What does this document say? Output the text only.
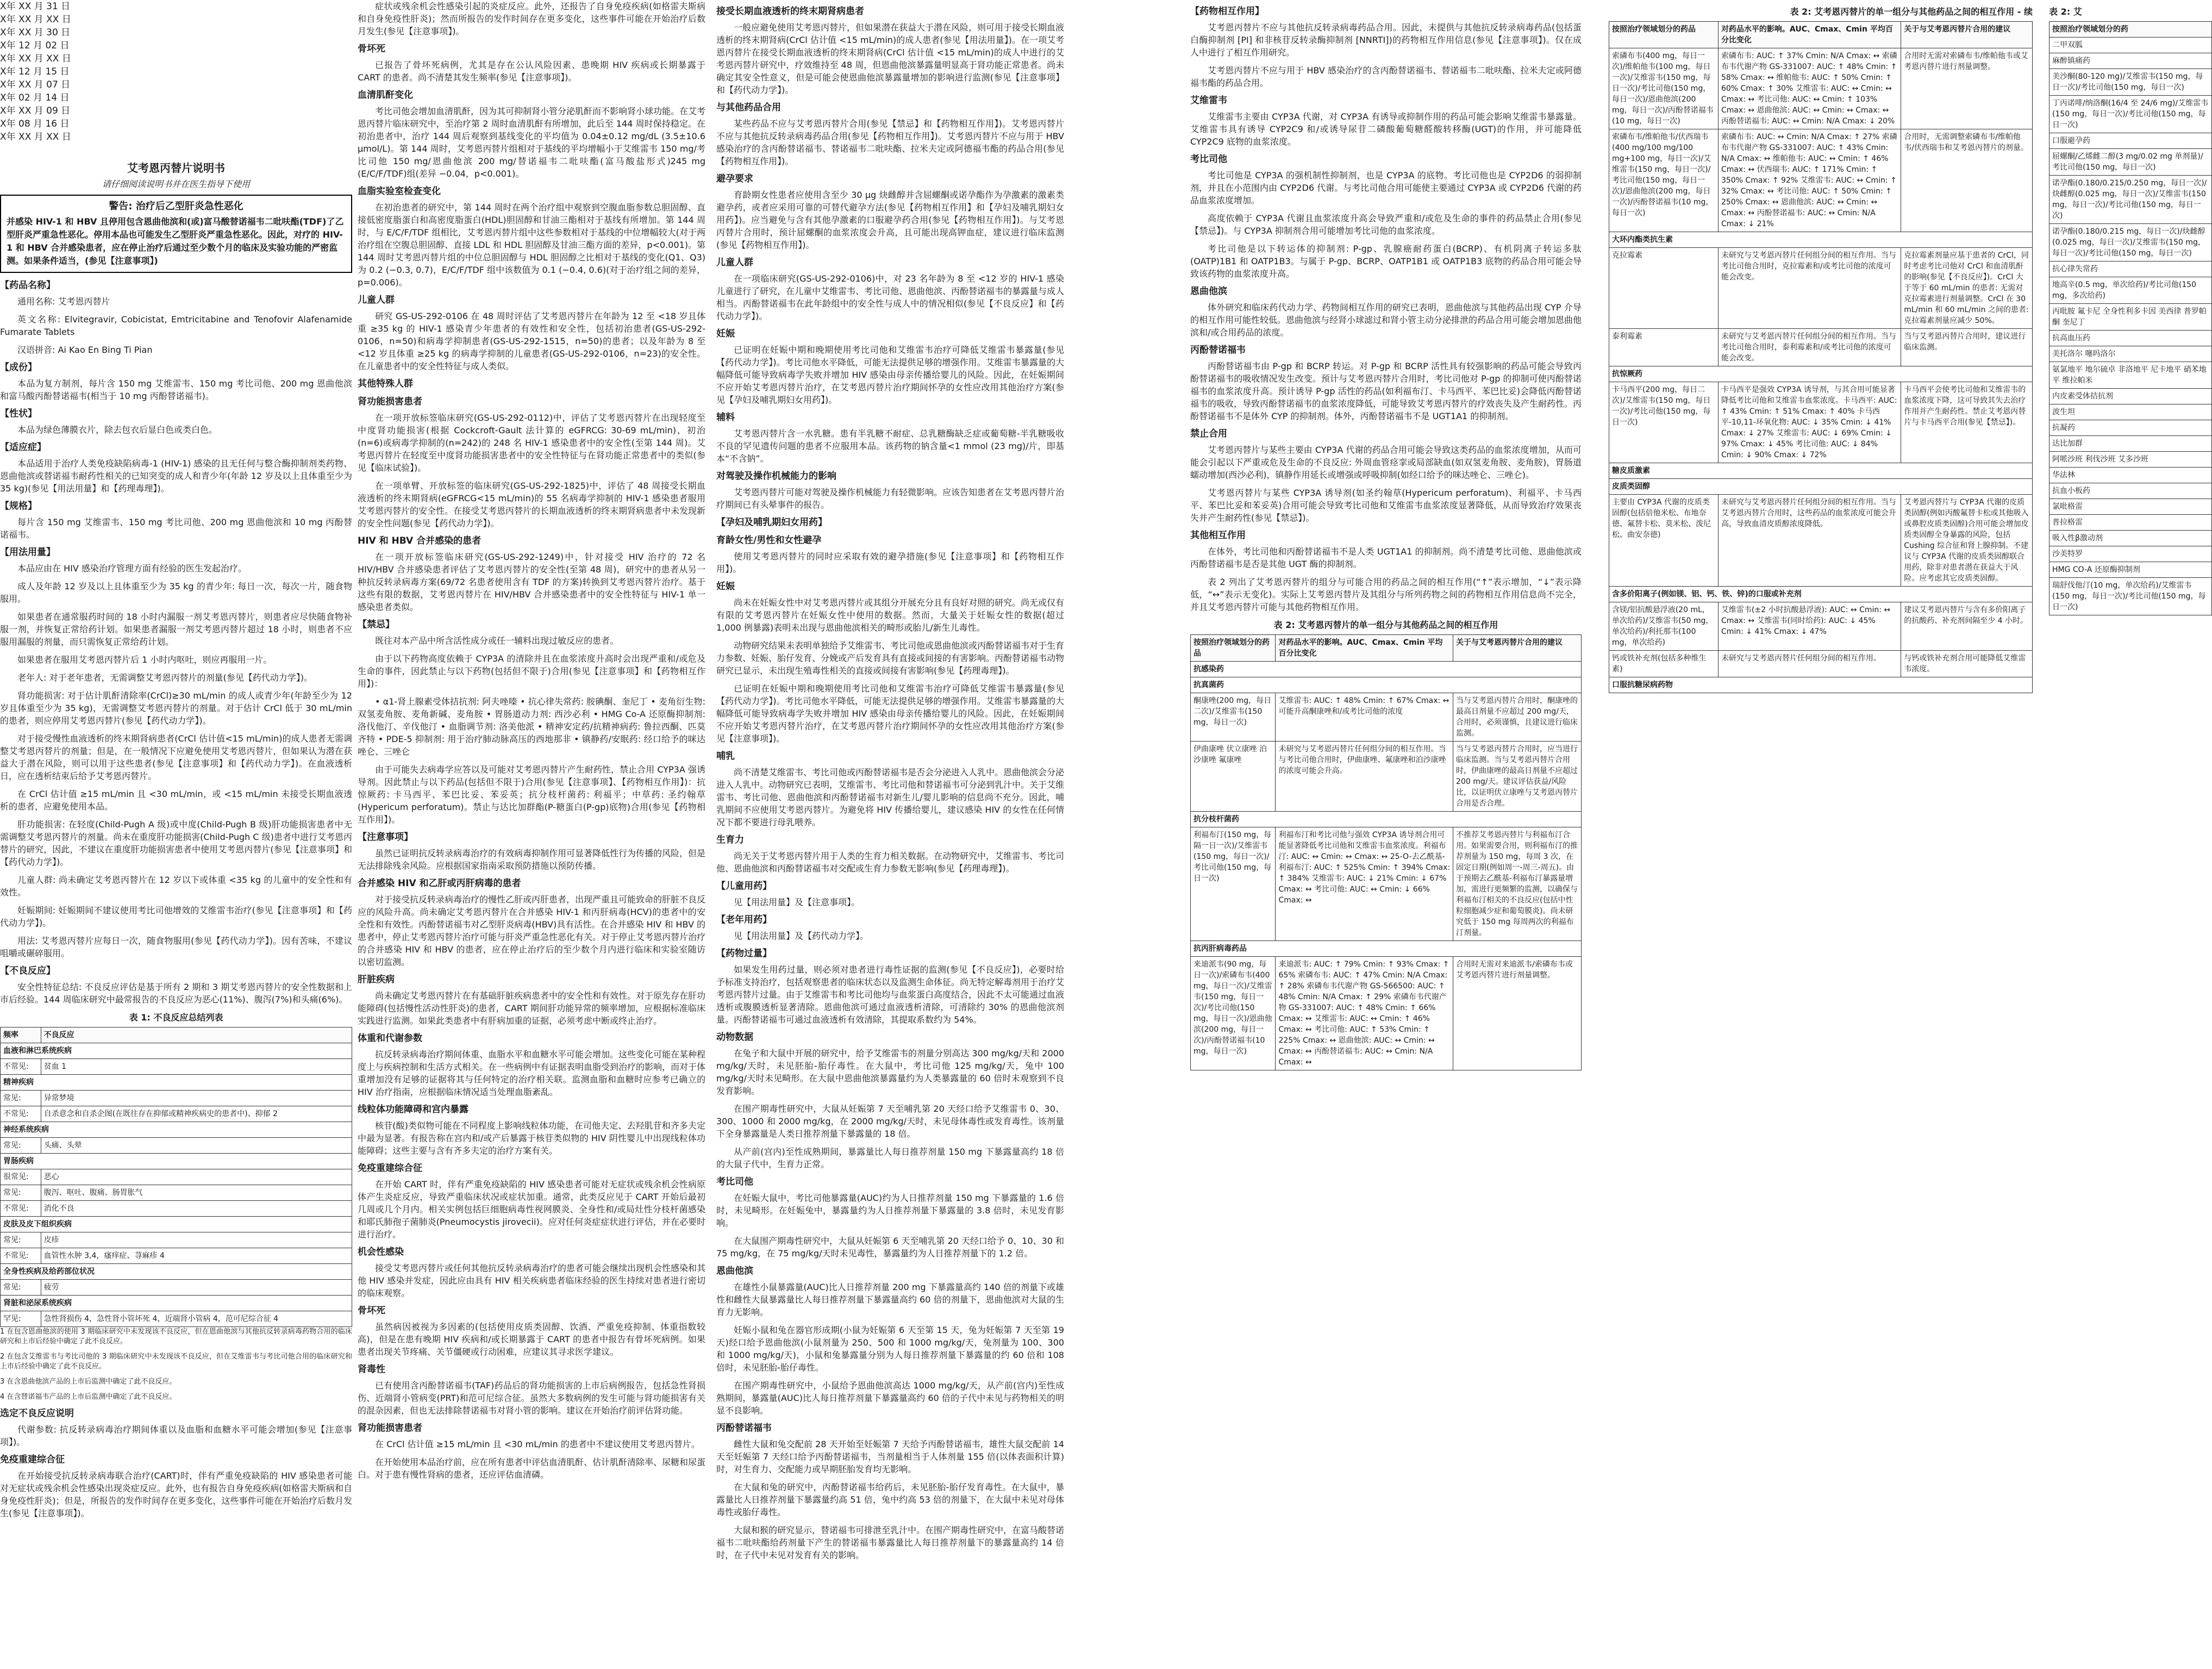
X年 XX 月 31 日
X年 XX 月 XX 日
X年 XX 月 30 日
X年 12 月 02 日
X年 XX 月 XX 日
X年 12 月 15 日
X年 XX 月 07 日
X年 02 月 14 日
X年 XX 月 09 日
X年 08 月 16 日
X年 XX 月 XX 日
艾考恩丙替片说明书
请仔细阅读说明书并在医生指导下使用
警告: 治疗后乙型肝炎急性恶化
并感染 HIV-1 和 HBV 且停用包含恩曲他滨和(或)富马酸替诺福韦二吡呋酯(TDF)了乙型肝炎严重急性恶化。停用本品也可能发生乙型肝炎严重急性恶化。因此，对疗的 HIV-1 和 HBV 合并感染患者，应在停止治疗后通过至少数个月的临床及实验功能的严密监测。如果条件适当，(参见【注意事项】)
【药品名称】

通用名称: 艾考恩丙替片

英文名称: Elvitegravir, Cobicistat, Emtricitabine and Tenofovir Alafenamide Fumarate Tablets

汉语拼音: Ai Kao En Bing Ti Pian

【成份】

本品为复方制剂，每片含 150 mg 艾维雷韦、150 mg 考比司他、200 mg 恩曲他滨和富马酸丙酚替诺福韦(相当于 10 mg 丙酚替诺福韦)。

【性状】

本品为绿色薄膜衣片，除去包衣后显白色或类白色。

【适应症】

本品适用于治疗人类免疫缺陷病毒-1 (HIV-1) 感染的且无任何与整合酶抑制剂类药物、恩曲他滨或替诺福韦耐药性相关的已知突变的成人和青少年(年龄 12 岁及以上且体重至少为 35 kg)(参见【用法用量】和【药理毒理】)。

【规格】

每片含 150 mg 艾维雷韦、150 mg 考比司他、200 mg 恩曲他滨和 10 mg 丙酚替诺福韦。

【用法用量】

本品应由在 HIV 感染治疗管理方面有经验的医生发起治疗。

成人及年龄 12 岁及以上且体重至少为 35 kg 的青少年: 每日一次，每次一片，随食物服用。

如果患者在通常服药时间的 18 小时内漏服一剂艾考恩丙替片，则患者应尽快随食物补服一剂，并恢复正常给药计划。如果患者漏服一剂艾考恩丙替片超过 18 小时，则患者不应服用漏服的剂量，而只需恢复正常给药计划。

如果患者在服用艾考恩丙替片后 1 小时内呕吐，则应再服用一片。

老年人: 对于老年患者，无需调整艾考恩丙替片的剂量(参见【药代动力学】)。

肾功能损害: 对于估计肌酐清除率(CrCl)≥30 mL/min 的成人或青少年(年龄至少为 12 岁且体重至少为 35 kg)，无需调整艾考恩丙替片的剂量。对于估计 CrCl 低于 30 mL/min 的患者，则应停用艾考恩丙替片(参见【药代动力学】)。

对于接受慢性血液透析的终末期肾病患者(CrCl 估计值<15 mL/min)的成人患者无需调整艾考恩丙替片的剂量；但是，在一般情况下应避免使用艾考恩丙替片，但如果认为潜在获益大于潜在风险，则可以用于这些患者(参见【注意事项】和【药代动力学】)。在血液透析日，应在透析结束后给予艾考恩丙替片。

在 CrCl 估计值 ≥15 mL/min 且 <30 mL/min，或 <15 mL/min 未接受长期血液透析的患者，应避免使用本品。

肝功能损害: 在轻度(Child-Pugh A 级)或中度(Child-Pugh B 级)肝功能损害患者中无需调整艾考恩丙替片的剂量。尚未在重度肝功能损害(Child-Pugh C 级)患者中进行艾考恩丙替片的研究，因此，不建议在重度肝功能损害患者中使用艾考恩丙替片(参见【注意事项】和【药代动力学】)。

儿童人群: 尚未确定艾考恩丙替片在 12 岁以下或体重 <35 kg 的儿童中的安全性和有效性。

妊娠期间: 妊娠期间不建议使用考比司他增效的艾维雷韦治疗(参见【注意事项】和【药代动力学】)。

用法: 艾考恩丙替片应每日一次，随食物服用(参见【药代动力学】)。因有苦味，不建议咀嚼或碾碎服用。

【不良反应】

安全性特征总结: 不良反应评估是基于所有 2 期和 3 期艾考恩丙替片的安全性数据和上市后经验。144 周临床研究中最常报告的不良反应为恶心(11%)、腹泻(7%)和头痛(6%)。

表 1: 不良反应总结列表
频率	不良反应
血液和淋巴系统疾病	
不常见:	贫血 1
精神疾病	
常见:	异常梦境
不常见:	自杀意念和自杀企图(在既往存在抑郁或精神疾病史的患者中)、抑郁 2
神经系统疾病	
常见:	头痛、头晕
胃肠疾病	
很常见:	恶心
常见:	腹泻、呕吐、腹痛、肠胃胀气
不常见:	消化不良
皮肤及皮下组织疾病	
常见:	皮疹
不常见:	血管性水肿 3,4，瘙痒症、荨麻疹 4
全身性疾病及给药部位状况	
常见:	疲劳
肾脏和泌尿系统疾病	
罕见:	急性肾损伤 4，急性肾小管坏死 4，近端肾小管病 4，范可尼综合征 4

1 在包含恩曲他滨的使用 3 期临床研究中未发现该不良反应，但在恩曲他滨与其他抗反转录病毒药物合用的临床研究和上市后经验中确定了此不良反应。

2 在包含艾维雷韦与考比司他的 3 期临床研究中未发现该不良反应，但在艾维雷韦与考比司他合用的临床研究和上市后经验中确定了此不良反应。

3 在含恩曲他滨产品的上市后监测中确定了此不良反应。

4 在含替诺福韦产品的上市后监测中确定了此不良反应。

选定不良反应说明

代谢参数: 抗反转录病毒治疗期间体重以及血脂和血糖水平可能会增加(参见【注意事项】)。

免疫重建综合征

在开始接受抗反转录病毒联合治疗(CART)时，伴有严重免疫缺陷的 HIV 感染患者可能对无症状或残余机会性感染出现炎症反应。此外，也有报告自身免疫疾病(如格雷夫斯病和自身免疫性肝炎)；但是，所报告的发作时间存在更多变化，这些事件可能在开始治疗后数月发生(参见【注意事项】)。

症状或残余机会性感染引起的炎症反应。此外，还报告了自身免疫疾病(如格雷夫斯病和自身免疫性肝炎)；然而所报告的发作时间存在更多变化，这些事件可能在开始治疗后数月发生(参见【注意事项】)。

骨坏死

已报告了骨坏死病例，尤其是存在公认风险因素、患晚期 HIV 疾病或长期暴露于 CART 的患者。尚不清楚其发生频率(参见【注意事项】)。

血清肌酐变化

考比司他会增加血清肌酐，因为其可抑制肾小管分泌肌酐而不影响肾小球功能。在艾考恩丙替片临床研究中，至治疗第 2 周时血清肌酐有所增加，此后至 144 周时保持稳定。在初治患者中，治疗 144 周后观察到基线变化的平均值为 0.04±0.12 mg/dL (3.5±10.6 μmol/L)。第 144 周时，艾考恩丙替片组相对于基线的平均增幅小于艾维雷韦 150 mg/考比司他 150 mg/恩曲他滨 200 mg/替诺福韦二吡呋酯(富马酸盐形式)245 mg (E/C/F/TDF)组(差异 −0.04，p<0.001)。

血脂实验室检查变化

在初治患者的研究中，第 144 周时在两个治疗组中观察到空腹血脂参数总胆固醇、直接低密度脂蛋白和高密度脂蛋白(HDL)胆固醇和甘油三酯相对于基线有所增加。第 144 周时，与 E/C/F/TDF 组相比，艾考恩丙替片组中这些参数相对于基线的中位增幅较大(对于两治疗组在空腹总胆固醇、直接 LDL 和 HDL 胆固醇及甘油三酯方面的差异，p<0.001)。第 144 周时艾考恩丙替片组的中位总胆固醇与 HDL 胆固醇之比相对于基线的变化(Q1、Q3)为 0.2 (−0.3, 0.7)，E/C/F/TDF 组中该数值为 0.1 (−0.4, 0.6)(对于治疗组之间的差异，p=0.006)。

儿童人群

研究 GS-US-292-0106 在 48 周时评估了艾考恩丙替片在年龄为 12 至 <18 岁且体重 ≥35 kg 的 HIV-1 感染青少年患者的有效性和安全性，包括初治患者(GS-US-292-0106，n=50)和病毒学抑制患者(GS-US-292-1515，n=50)的患者；以及年龄为 8 至 <12 岁且体重 ≥25 kg 的病毒学抑制的儿童患者(GS-US-292-0106，n=23)的安全性。在儿童患者中的安全性特征与成人类似。

其他特殊人群
肾功能损害患者

在一项开放标签临床研究(GS-US-292-0112)中，评估了艾考恩丙替片在出现轻度至中度肾功能损害(根据 Cockcroft-Gault 法计算的 eGFRCG: 30-69 mL/min)，初治(n=6)或病毒学抑制的(n=242)的 248 名 HIV-1 感染患者中的安全性(至第 144 周)。艾考恩丙替片在轻度至中度肾功能损害患者中的安全性特征与在肾功能正常患者中的类似(参见【临床试验】)。

在一项单臂、开放标签的临床研究(GS-US-292-1825)中，评估了 48 周接受长期血液透析的终末期肾病(eGFRCG<15 mL/min)的 55 名病毒学抑制的 HIV-1 感染患者服用艾考恩丙替片的安全性。在接受艾考恩丙替片的长期血液透析的终末期肾病患者中未发现新的安全性问题(参见【药代动力学】)。

HIV 和 HBV 合并感染的患者

在一项开放标签临床研究(GS-US-292-1249)中，针对接受 HIV 治疗的 72 名 HIV/HBV 合并感染患者评估了艾考恩丙替片的安全性(至第 48 周)，研究中的患者从另一种抗反转录病毒方案(69/72 名患者使用含有 TDF 的方案)转换到艾考恩丙替片治疗。基于这些有限的数据，艾考恩丙替片在 HIV/HBV 合并感染患者中的安全性特征与 HIV-1 单一感染患者类似。

【禁忌】

既往对本产品中所含活性成分或任一辅料出现过敏反应的患者。

由于以下药物高度依赖于 CYP3A 的清除并且在血浆浓度升高时会出现严重和/或危及生命的事件，因此禁止与以下药物(包括但不限于)合用(参见【注意事项】和【药物相互作用】)：

• α1-肾上腺素受体拮抗剂: 阿夫唑嗪 • 抗心律失常药: 胺碘酮、奎尼丁 • 麦角衍生物: 双氢麦角胺、麦角新碱、麦角胺 • 胃肠道动力剂: 西沙必利 • HMG Co-A 还原酶抑制剂: 洛伐他汀、辛伐他汀 • 血脂调节剂: 洛美他派 • 精神安定药/抗精神病药: 鲁拉西酮、匹莫齐特 • PDE-5 抑制剂: 用于治疗肺动脉高压的西地那非 • 镇静药/安眠药: 经口给予的咪达唑仑、三唑仑

由于可能失去病毒学应答以及可能对艾考恩丙替片产生耐药性，禁止合用 CYP3A 强诱导剂。因此禁止与以下药品(包括但不限于)合用(参见【注意事项】、【药物相互作用】)：抗惊厥药: 卡马西平、苯巴比妥、苯妥英；抗分枝杆菌药: 利福平；中草药: 圣约翰草 (Hypericum perforatum)。禁止与达比加群酯(P-糖蛋白(P-gp)底物)合用(参见【药物相互作用】)。

【注意事项】

虽然已证明抗反转录病毒治疗的有效病毒抑制作用可显著降低性行为传播的风险，但是无法排除残余风险。应根据国家指南采取预防措施以预防传播。

合并感染 HIV 和乙肝或丙肝病毒的患者

对于接受抗反转录病毒治疗的慢性乙肝或丙肝患者，出现严重且可能致命的肝脏不良反应的风险升高。尚未确定艾考恩丙替片在合并感染 HIV-1 和丙肝病毒(HCV)的患者中的安全性和有效性。丙酚替诺福韦对乙型肝炎病毒(HBV)具有活性。在合并感染 HIV 和 HBV 的患者中，停止艾考恩丙替片治疗可能与肝炎严重急性恶化有关。对于停止艾考恩丙替片治疗的合并感染 HIV 和 HBV 的患者，应在停止治疗后的至少数个月内进行临床和实验室随访以密切监测。

肝脏疾病

尚未确定艾考恩丙替片在有基础肝脏疾病患者中的安全性和有效性。对于原先存在肝功能障碍(包括慢性活动性肝炎)的患者，CART 期间肝功能异常的频率增加，应根据标准临床实践进行监测。如果此类患者中有肝病加重的证据，必须考虑中断或终止治疗。

体重和代谢参数

抗反转录病毒治疗期间体重、血脂水平和血糖水平可能会增加。这些变化可能在某种程度上与疾病控制和生活方式相关。在一些病例中有证据表明血脂受到治疗的影响，而对于体重增加没有足够的证据将其与任何特定的治疗相关联。监测血脂和血糖时应参考已确立的 HIV 治疗指南，应根据临床情况适当处理血脂紊乱。

线粒体功能障碍和宫内暴露

核苷(酸)类似物可能在不同程度上影响线粒体功能，在司他夫定、去羟肌苷和齐多夫定中最为显著。有报告称在宫内和/或产后暴露于核苷类似物的 HIV 阴性婴儿中出现线粒体功能障碍；这些主要与含有齐多夫定的治疗方案有关。

免疫重建综合征

在开始 CART 时，伴有严重免疫缺陷的 HIV 感染患者可能对无症状或残余机会性病原体产生炎症反应，导致严重临床状况或症状加重。通常，此类反应见于 CART 开始后最初几周或几个月内。相关实例包括巨细胞病毒性视网膜炎、全身性和/或局灶性分枝杆菌感染和耶氏肺孢子菌肺炎(Pneumocystis jirovecii)。应对任何炎症症状进行评估，并在必要时进行治疗。

机会性感染

接受艾考恩丙替片或任何其他抗反转录病毒治疗的患者可能会继续出现机会性感染和其他 HIV 感染并发症，因此应由具有 HIV 相关疾病患者临床经验的医生持续对患者进行密切的临床观察。

骨坏死

虽然病因被视为多因素的(包括使用皮质类固醇、饮酒、严重免疫抑制、体重指数较高)，但是在患有晚期 HIV 疾病和/或长期暴露于 CART 的患者中报告有骨坏死病例。如果患者出现关节疼痛、关节僵硬或行动困难，应建议其寻求医学建议。

肾毒性

已有使用含丙酚替诺福韦(TAF)药品后的肾功能损害的上市后病例报告，包括急性肾损伤、近端肾小管病变(PRT)和范可尼综合征。虽然大多数病例的发生可能与肾功能损害有关的混杂因素，但也无法排除替诺福韦对肾小管的影响。建议在开始治疗前评估肾功能。

肾功能损害患者

在 CrCl 估计值 ≥15 mL/min 且 <30 mL/min 的患者中不建议使用艾考恩丙替片。

在开始使用本品治疗前，应在所有患者中评估血清肌酐、估计肌酐清除率、尿糖和尿蛋白。对于患有慢性肾病的患者，还应评估血清磷。

接受长期血液透析的终末期肾病患者

一般应避免使用艾考恩丙替片，但如果潜在获益大于潜在风险，则可用于接受长期血液透析的终末期肾病(CrCl 估计值 <15 mL/min)的成人患者(参见【用法用量】)。在一项艾考恩丙替片在接受长期血液透析的终末期肾病(CrCl 估计值 <15 mL/min)的成人中进行的艾考恩丙替片研究中，疗效维持至 48 周，但恩曲他滨暴露量明显高于肾功能正常患者。尚未确定其安全性意义，但是可能会使恩曲他滨暴露量增加的影响进行监测(参见【注意事项】和【药代动力学】)。

与其他药品合用

某些药品不应与艾考恩丙替片合用(参见【禁忌】和【药物相互作用】)。艾考恩丙替片不应与其他抗反转录病毒药品合用(参见【药物相互作用】)。艾考恩丙替片不应与用于 HBV 感染治疗的含丙酚替诺福韦、替诺福韦二吡呋酯、拉米夫定或阿德福韦酯的药品合用(参见【药物相互作用】)。

避孕要求

育龄期女性患者应使用含至少 30 μg 炔雌醇并含屈螺酮或诺孕酯作为孕激素的激素类避孕药，或者应采用可靠的可替代避孕方法(参见【药物相互作用】和【孕妇及哺乳期妇女用药】)。应当避免与含有其他孕激素的口服避孕药合用(参见【药物相互作用】)。与艾考恩丙替片合用时，预计屈螺酮的血浆浓度会升高，且可能出现高钾血症，建议进行临床监测(参见【药物相互作用】)。

儿童人群

在一项临床研究(GS-US-292-0106)中，对 23 名年龄为 8 至 <12 岁的 HIV-1 感染儿童进行了研究，在儿童中艾维雷韦、考比司他、恩曲他滨、丙酚替诺福韦的暴露量与成人相当。丙酚替诺福韦在此年龄组中的安全性与成人中的情况相似(参见【不良反应】和【药代动力学】)。

妊娠

已证明在妊娠中期和晚期使用考比司他和艾维雷韦治疗可降低艾维雷韦暴露量(参见【药代动力学】)。考比司他水平降低，可能无法提供足够的增强作用。艾维雷韦暴露量的大幅降低可能导致病毒学失败并增加 HIV 感染由母亲传播给婴儿的风险。因此，在妊娠期间不应开始艾考恩丙替片治疗，在艾考恩丙替片治疗期间怀孕的女性应改用其他治疗方案(参见【孕妇及哺乳期妇女用药】)。

辅料

艾考恩丙替片含一水乳糖。患有半乳糖不耐症、总乳糖酶缺乏症或葡萄糖-半乳糖吸收不良的罕见遗传问题的患者不应服用本品。该药物的钠含量<1 mmol (23 mg)/片，即基本“不含钠”。

对驾驶及操作机械能力的影响

艾考恩丙替片可能对驾驶及操作机械能力有轻微影响。应该告知患者在艾考恩丙替片治疗期间已有头晕事件的报告。

【孕妇及哺乳期妇女用药】
育龄女性/男性和女性避孕

使用艾考恩丙替片的同时应采取有效的避孕措施(参见【注意事项】和【药物相互作用】)。

妊娠

尚未在妊娠女性中对艾考恩丙替片或其组分开展充分且有良好对照的研究。尚无或仅有有限的艾考恩丙替片在妊娠女性中使用的数据。然而，大量关于妊娠女性的数据(超过 1,000 例暴露)表明未出现与恩曲他滨相关的畸形或胎儿/新生儿毒性。

动物研究结果未表明单独给予艾维雷韦、考比司他或恩曲他滨或丙酚替诺福韦对于生育力参数、妊娠、胎仔发育、分娩或产后发育具有直接或间接的有害影响。丙酚替诺福韦动物研究已显示，未出现生殖毒性相关的直接或间接有害影响(参见【药理毒理】)。

已证明在妊娠中期和晚期使用考比司他和艾维雷韦治疗可降低艾维雷韦暴露量(参见【药代动力学】)。考比司他水平降低，可能无法提供足够的增强作用。艾维雷韦暴露量的大幅降低可能导致病毒学失败并增加 HIV 感染由母亲传播给婴儿的风险。因此，在妊娠期间不应开始艾考恩丙替片治疗，在艾考恩丙替片治疗期间怀孕的女性应改用其他治疗方案(参见【注意事项】)。

哺乳

尚不清楚艾维雷韦、考比司他或丙酚替诺福韦是否会分泌进入人乳中。恩曲他滨会分泌进入人乳中。动物研究已表明，艾维雷韦、考比司他和替诺福韦可分泌到乳汁中。关于艾维雷韦、考比司他、恩曲他滨和丙酚替诺福韦对新生儿/婴儿影响的信息尚不充分。因此，哺乳期间不应使用艾考恩丙替片。为避免将 HIV 传播给婴儿，建议感染 HIV 的女性在任何情况下都不要进行母乳喂养。

生育力

尚无关于艾考恩丙替片用于人类的生育力相关数据。在动物研究中，艾维雷韦、考比司他、恩曲他滨和丙酚替诺福韦对交配或生育力参数无影响(参见【药理毒理】)。

【儿童用药】

见【用法用量】及【注意事项】。

【老年用药】

见【用法用量】及【药代动力学】。

【药物过量】

如果发生用药过量，则必须对患者进行毒性证据的监测(参见【不良反应】)，必要时给予标准支持治疗，包括观察患者的临床状态以及监测生命体征。尚无特定解毒剂用于治疗艾考恩丙替片过量。由于艾维雷韦和考比司他均与血浆蛋白高度结合，因此不太可能通过血液透析或腹膜透析显著清除。恩曲他滨可通过血液透析清除，可清除约 30% 的恩曲他滨剂量。丙酚替诺福韦可通过血液透析有效清除，其提取系数约为 54%。

动物数据

在兔子和大鼠中开展的研究中，给予艾维雷韦的剂量分别高达 300 mg/kg/天和 2000 mg/kg/天时，未见胚胎-胎仔毒性。在大鼠中，考比司他 125 mg/kg/天，兔中 100 mg/kg/天时未见畸形。在大鼠中恩曲他滨暴露量约为人类暴露量的 60 倍时未观察到不良发育影响。

在围产期毒性研究中，大鼠从妊娠第 7 天至哺乳第 20 天经口给予艾维雷韦 0、30、300、1000 和 2000 mg/kg，在 2000 mg/kg/天时，未见母体毒性或发育毒性。该剂量下全身暴露量是人类日推荐剂量下暴露量的 18 倍。

从产前(宫内)至性成熟期间，暴露量比人每日推荐剂量 150 mg 下暴露量高约 18 倍的大鼠子代中，生育力正常。

考比司他

在妊娠大鼠中，考比司他暴露量(AUC)约为人日推荐剂量 150 mg 下暴露量的 1.6 倍时，未见畸形。在妊娠兔中，暴露量约为人日推荐剂量下暴露量的 3.8 倍时，未见发育影响。

在大鼠围产期毒性研究中，大鼠从妊娠第 6 天至哺乳第 20 天经口给予 0、10、30 和 75 mg/kg，在 75 mg/kg/天时未见毒性，暴露量约为人日推荐剂量下的 1.2 倍。

恩曲他滨

在雄性小鼠暴露量(AUC)比人日推荐剂量 200 mg 下暴露量高约 140 倍的剂量下或雄性和雌性大鼠暴露量比人每日推荐剂量下暴露量高约 60 倍的剂量下，恩曲他滨对大鼠的生育力无影响。

妊娠小鼠和兔在器官形成期(小鼠为妊娠第 6 天至第 15 天，兔为妊娠第 7 天至第 19 天)经口给予恩曲他滨(小鼠剂量为 250、500 和 1000 mg/kg/天，兔剂量为 100、300 和 1000 mg/kg/天)，小鼠和兔暴露量分别为人每日推荐剂量下暴露量的约 60 倍和 108 倍时，未见胚胎-胎仔毒性。

在围产期毒性研究中，小鼠给予恩曲他滨高达 1000 mg/kg/天，从产前(宫内)至性成熟期间，暴露量(AUC)比人每日推荐剂量下暴露量高约 60 倍的子代中未见与药物相关的明显不良影响。

丙酚替诺福韦

雌性大鼠和兔交配前 28 天开始至妊娠第 7 天给予丙酚替诺福韦，雄性大鼠交配前 14 天至妊娠第 7 天经口给予丙酚替诺福韦，当剂量相当于人体剂量 155 倍(以体表面积计算)时，对生育力、交配能力或早期胚胎发育均无影响。

在大鼠和兔的研究中，丙酚替诺福韦给药后，未见胚胎-胎仔发育毒性。在大鼠中，暴露量比人日推荐剂量下暴露量约高 51 倍，兔中约高 53 倍的剂量下，在大鼠中未见对母体毒性或胎仔毒性。

大鼠和猴的研究显示，替诺福韦可排泄至乳汁中。在围产期毒性研究中，在富马酸替诺福韦二吡呋酯给药剂量下产生的替诺福韦暴露量比人每日推荐剂量下的暴露量高约 14 倍时，在子代中未见对发育有关的影响。

【药物相互作用】

艾考恩丙替片不应与其他抗反转录病毒药品合用。因此，未提供与其他抗反转录病毒药品(包括蛋白酶抑制剂 [PI] 和非核苷反转录酶抑制剂 [NNRTI])的药物相互作用信息(参见【注意事项】)。仅在成人中进行了相互作用研究。

艾考恩丙替片不应与用于 HBV 感染治疗的含丙酚替诺福韦、替诺福韦二吡呋酯、拉米夫定或阿德福韦酯的药品合用。

艾维雷韦

艾维雷韦主要由 CYP3A 代谢，对 CYP3A 有诱导或抑制作用的药品可能会影响艾维雷韦暴露量。艾维雷韦具有诱导 CYP2C9 和/或诱导尿苷二磷酸葡萄糖醛酸转移酶(UGT)的作用，并可能降低 CYP2C9 底物的血浆浓度。

考比司他

考比司他是 CYP3A 的强机制性抑制剂，也是 CYP3A 的底物。考比司他也是 CYP2D6 的弱抑制剂，并且在小范围内由 CYP2D6 代谢。与考比司他合用可能使主要通过 CYP3A 或 CYP2D6 代谢的药品血浆浓度增加。

高度依赖于 CYP3A 代谢且血浆浓度升高会导致严重和/或危及生命的事件的药品禁止合用(参见【禁忌】)。与 CYP3A 抑制剂合用可能增加考比司他的血浆浓度。

考比司他是以下转运体的抑制剂: P-gp、乳腺癌耐药蛋白(BCRP)、有机阴离子转运多肽(OATP)1B1 和 OATP1B3。与属于 P-gp、BCRP、OATP1B1 或 OATP1B3 底物的药品合用可能会导致该药物的血浆浓度升高。

恩曲他滨

体外研究和临床药代动力学、药物间相互作用的研究已表明，恩曲他滨与其他药品出现 CYP 介导的相互作用可能性较低。恩曲他滨与经肾小球滤过和肾小管主动分泌排泄的药品合用可能会增加恩曲他滨和/或合用药品的浓度。

丙酚替诺福韦

丙酚替诺福韦由 P-gp 和 BCRP 转运。对 P-gp 和 BCRP 活性具有较强影响的药品可能会导致丙酚替诺福韦的吸收情况发生改变。预计与艾考恩丙替片合用时，考比司他对 P-gp 的抑制可使丙酚替诺福韦的血浆浓度升高。预计诱导 P-gp 活性的药品(如利福布汀、卡马西平、苯巴比妥)会降低丙酚替诺福韦的吸收，导致丙酚替诺福韦的血浆浓度降低，可能导致艾考恩丙替片的疗效丧失及产生耐药性。丙酚替诺福韦不是体外 CYP 的抑制剂。体外，丙酚替诺福韦不是 UGT1A1 的抑制剂。

禁止合用

艾考恩丙替片与某些主要由 CYP3A 代谢的药品合用可能会导致这类药品的血浆浓度增加，从而可能会引起以下严重或危及生命的不良反应: 外周血管痉挛或局部缺血(如双氢麦角胺、麦角胺)，胃肠道蠕动增加(西沙必利)，镇静作用延长或增强或呼吸抑制(如经口给予的咪达唑仑、三唑仑)。

艾考恩丙替片与某些 CYP3A 诱导剂(如圣约翰草(Hypericum perforatum)、利福平、卡马西平、苯巴比妥和苯妥英)合用可能会导致考比司他和艾维雷韦血浆浓度显著降低，从而导致治疗效果丧失并产生耐药性(参见【禁忌】)。

其他相互作用

在体外，考比司他和丙酚替诺福韦不是人类 UGT1A1 的抑制剂。尚不清楚考比司他、恩曲他滨或丙酚替诺福韦是否是其他 UGT 酶的抑制剂。

表 2 列出了艾考恩丙替片的组分与可能合用的药品之间的相互作用(“↑”表示增加，“↓”表示降低，“↔”表示无变化)。实际上艾考恩丙替片及其组分与所列药物之间的药物相互作用信息尚不完全，并且艾考恩丙替片可能与其他药物相互作用。

表 2: 艾考恩丙替片的单一组分与其他药品之间的相互作用
按照治疗领域划分的药品	对药品水平的影响。AUC、Cmax、Cmin 平均百分比变化	关于与艾考恩丙替片合用的建议
抗感染药		
抗真菌药		
酮康唑(200 mg，每日二次)/艾维雷韦(150 mg，每日一次)	艾维雷韦: AUC: ↑ 48% Cmin: ↑ 67% Cmax: ↔ 可能升高酮康唑和/或考比司他的浓度	当与艾考恩丙替片合用时，酮康唑的最高日剂量不应超过 200 mg/天，合用时，必须谨慎，且建议进行临床监测。
伊曲康唑 伏立康唑 泊沙康唑 氟康唑	未研究与艾考恩丙替片任何组分间的相互作用。当与考比司他合用时，伊曲康唑、氟康唑和泊沙康唑的浓度可能会升高。	当与艾考恩丙替片合用时，应当进行临床监测。当与艾考恩丙替片合用时，伊曲康唑的最高日剂量不应超过 200 mg/天。建议评估获益/风险比，以证明伏立康唑与艾考恩丙替片合用是否合理。
抗分枝杆菌药		
利福布汀(150 mg，每隔一日一次)/艾维雷韦(150 mg，每日一次)/考比司他(150 mg，每日一次)	利福布汀和考比司他与强效 CYP3A 诱导剂合用可能显著降低考比司他和艾维雷韦血浆浓度。利福布汀: AUC: ↔ Cmin: ↔ Cmax: ↔ 25-O-去乙酰基-利福布汀: AUC: ↑ 525% Cmin: ↑ 394% Cmax: ↑ 384% 艾维雷韦: AUC: ↓ 21% Cmin: ↓ 67% Cmax: ↔ 考比司他: AUC: ↔ Cmin: ↓ 66% Cmax: ↔	不推荐艾考恩丙替片与利福布汀合用。如果需要合用，则利福布汀的推荐剂量为 150 mg，每周 3 次，在固定日期(例如周一-周三-周五)。由于预期去乙酰基-利福布汀暴露量增加，需进行更频繁的监测，以确保与利福布汀相关的不良反应(包括中性粒细胞减少症和葡萄膜炎)。尚未研究低于 150 mg 每周两次的利福布汀剂量。
抗丙肝病毒药品		
来迪派韦(90 mg，每日一次)/索磷布韦(400 mg，每日一次)/艾维雷韦(150 mg，每日一次)/考比司他(150 mg，每日一次)/恩曲他滨(200 mg，每日一次)/丙酚替诺福韦(10 mg，每日一次)	来迪派韦: AUC: ↑ 79% Cmin: ↑ 93% Cmax: ↑ 65% 索磷布韦: AUC: ↑ 47% Cmin: N/A Cmax: ↑ 28% 索磷布韦代谢产物 GS-566500: AUC: ↑ 48% Cmin: N/A Cmax: ↑ 29% 索磷布韦代谢产物 GS-331007: AUC: ↑ 48% Cmin: ↑ 66% Cmax: ↔ 艾维雷韦: AUC: ↔ Cmin: ↑ 46% Cmax: ↔ 考比司他: AUC: ↑ 53% Cmin: ↑ 225% Cmax: ↔ 恩曲他滨: AUC: ↔ Cmin: ↔ Cmax: ↔ 丙酚替诺福韦: AUC: ↔ Cmin: N/A Cmax: ↔	合用时无需对来迪派韦/索磷布韦或艾考恩丙替片进行剂量调整。
表 2: 艾考恩丙替片的单一组分与其他药品之间的相互作用 - 续
按照治疗领域划分的药品	对药品水平的影响。AUC、Cmax、Cmin 平均百分比变化	关于与艾考恩丙替片合用的建议
索磷布韦(400 mg，每日一次)/维帕他韦(100 mg，每日一次)/艾维雷韦(150 mg，每日一次)/考比司他(150 mg，每日一次)/恩曲他滨(200 mg，每日一次)/丙酚替诺福韦(10 mg，每日一次)	索磷布韦: AUC: ↑ 37% Cmin: N/A Cmax: ↔ 索磷布韦代谢产物 GS-331007: AUC: ↑ 48% Cmin: ↑ 58% Cmax: ↔ 维帕他韦: AUC: ↑ 50% Cmin: ↑ 60% Cmax: ↑ 30% 艾维雷韦: AUC: ↔ Cmin: ↔ Cmax: ↔ 考比司他: AUC: ↔ Cmin: ↑ 103% Cmax: ↔ 恩曲他滨: AUC: ↔ Cmin: ↔ Cmax: ↔ 丙酚替诺福韦: AUC: ↔ Cmin: N/A Cmax: ↓ 20%	合用时无需对索磷布韦/维帕他韦或艾考恩丙替片进行剂量调整。
索磷布韦/维帕他韦/伏西瑞韦(400 mg/100 mg/100 mg+100 mg，每日一次)/艾维雷韦(150 mg，每日一次)/考比司他(150 mg，每日一次)/恩曲他滨(200 mg，每日一次)/丙酚替诺福韦(10 mg，每日一次)	索磷布韦: AUC: ↔ Cmin: N/A Cmax: ↑ 27% 索磷布韦代谢产物 GS-331007: AUC: ↑ 43% Cmin: N/A Cmax: ↔ 维帕他韦: AUC: ↔ Cmin: ↑ 46% Cmax: ↔ 伏西瑞韦: AUC: ↑ 171% Cmin: ↑ 350% Cmax: ↑ 92% 艾维雷韦: AUC: ↔ Cmin: ↑ 32% Cmax: ↔ 考比司他: AUC: ↑ 50% Cmin: ↑ 250% Cmax: ↔ 恩曲他滨: AUC: ↔ Cmin: ↔ Cmax: ↔ 丙酚替诺福韦: AUC: ↔ Cmin: N/A Cmax: ↓ 21%	合用时，无需调整索磷布韦/维帕他韦/伏西瑞韦和艾考恩丙替片的剂量。
大环内酯类抗生素		
克拉霉素	未研究与艾考恩丙替片任何组分间的相互作用。当与考比司他合用时，克拉霉素和/或考比司他的浓度可能会改变。	克拉霉素剂量应基于患者的 CrCl，同时考虑考比司他对 CrCl 和血清肌酐的影响(参见【不良反应】)。CrCl 大于等于 60 mL/min 的患者: 无需对克拉霉素进行剂量调整。CrCl 在 30 mL/min 和 60 mL/min 之间的患者: 克拉霉素剂量应减少 50%。
泰利霉素	未研究与艾考恩丙替片任何组分间的相互作用。当与考比司他合用时，泰利霉素和/或考比司他的浓度可能会改变。	当与艾考恩丙替片合用时，建议进行临床监测。
抗惊厥药		
卡马西平(200 mg，每日二次)/艾维雷韦(150 mg，每日一次)/考比司他(150 mg，每日一次)	卡马西平是强效 CYP3A 诱导剂，与其合用可能显著降低考比司他和艾维雷韦血浆浓度。卡马西平: AUC: ↑ 43% Cmin: ↑ 51% Cmax: ↑ 40% 卡马西平-10,11-环氧化物: AUC: ↓ 35% Cmin: ↓ 41% Cmax: ↓ 27% 艾维雷韦: AUC: ↓ 69% Cmin: ↓ 97% Cmax: ↓ 45% 考比司他: AUC: ↓ 84% Cmin: ↓ 90% Cmax: ↓ 72%	卡马西平会使考比司他和艾维雷韦的血浆浓度下降，这可导致其失去治疗作用并产生耐药性。禁止艾考恩丙替片与卡马西平合用(参见【禁忌】)。
糖皮质激素		
皮质类固醇		
主要由 CYP3A 代谢的皮质类固醇(包括倍他米松、布地奈德、氟替卡松、莫米松、泼尼松、曲安奈德)	未研究与艾考恩丙替片任何组分间的相互作用。当与艾考恩丙替片合用时，这些药品的血浆浓度可能会升高，导致血清皮质醇浓度降低。	艾考恩丙替片与 CYP3A 代谢的皮质类固醇(例如丙酸氟替卡松或其他吸入或鼻腔皮质类固醇)合用可能会增加皮质类固醇全身暴露的风险，包括 Cushing 综合征和肾上腺抑制。不建议与 CYP3A 代谢的皮质类固醇联合用药，除非对患者潜在获益大于风险。应考虑其它皮质类固醇。
含多价阳离子(例如镁、铝、钙、铁、锌)的口服或补充剂		
含镁/铝抗酸悬浮液(20 mL，单次给药)/艾维雷韦(50 mg，单次给药)/利托那韦(100 mg，单次给药)	艾维雷韦(±2 小时抗酸悬浮液): AUC: ↔ Cmin: ↔ Cmax: ↔ 艾维雷韦(同时给药): AUC: ↓ 45% Cmin: ↓ 41% Cmax: ↓ 47%	建议艾考恩丙替片与含有多价阳离子的抗酸药、补充剂间隔至少 4 小时。
钙或铁补充剂(包括多种维生素)	未研究与艾考恩丙替片任何组分间的相互作用。	与钙或铁补充剂合用可能降低艾维雷韦浓度。
口服抗糖尿病药物		
表 2: 艾
按照治疗领域划分的药
二甲双胍
麻醉镇痛药
美沙酮(80-120 mg)/艾维雷韦(150 mg，每日一次)/考比司他(150 mg，每日一次)
丁丙诺啡/纳洛酮(16/4 至 24/6 mg)/艾维雷韦(150 mg，每日一次)/考比司他(150 mg，每日一次)
口服避孕药
屈螺酮/乙烯雌二醇(3 mg/0.02 mg 单剂量)/考比司他(150 mg，每日一次)
诺孕酯(0.180/0.215/0.250 mg，每日一次)/炔雌醇(0.025 mg，每日一次)/艾维雷韦(150 mg，每日一次)/考比司他(150 mg，每日一次)
诺孕酯(0.180/0.215 mg，每日一次)/炔雌醇(0.025 mg，每日一次)/艾维雷韦(150 mg，每日一次)/考比司他(150 mg，每日一次)
抗心律失常药
地高辛(0.5 mg，单次给药)/考比司他(150 mg，多次给药)
丙吡胺 氟卡尼 全身性利多卡因 美西律 普罗帕酮 奎尼丁
抗高血压药
美托洛尔 噻吗洛尔
氨氯地平 地尔硫卓 非洛地平 尼卡地平 硝苯地平 维拉帕米
内皮素受体拮抗剂
波生坦
抗凝药
达比加群
阿哌沙班 利伐沙班 艾多沙班
华法林
抗血小板药
氯吡格雷
普拉格雷
吸入性β激动剂
沙美特罗
HMG CO-A 还原酶抑制剂
瑞舒伐他汀(10 mg，单次给药)/艾维雷韦(150 mg，每日一次)/考比司他(150 mg，每日一次)
